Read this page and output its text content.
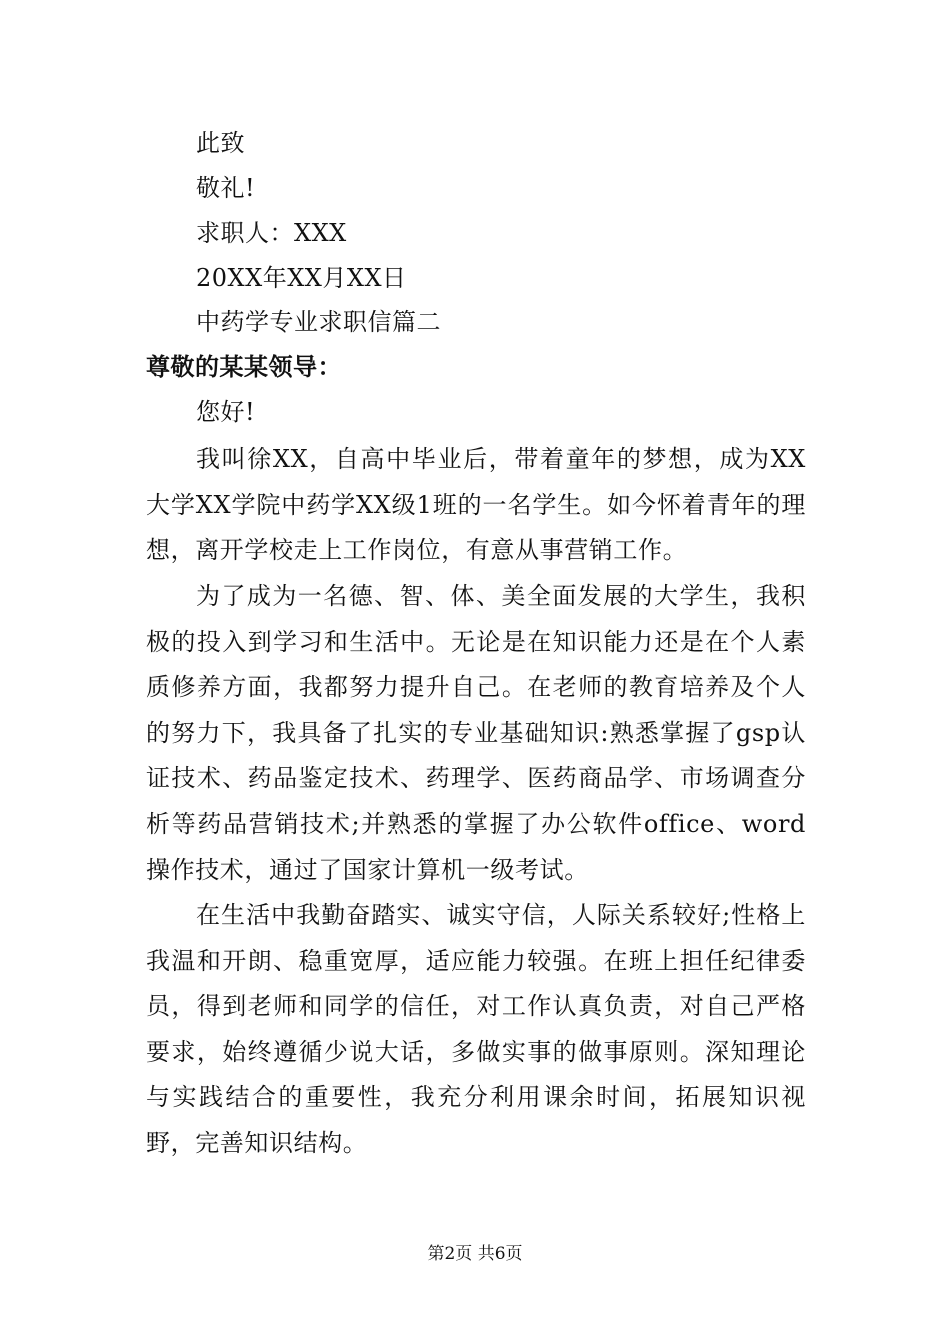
此致
敬礼!
求职人：XXX
20XX年XX月XX日
中药学专业求职信篇二
尊敬的某某领导：
您好!

我叫徐XX，自高中毕业后，带着童年的梦想，成为XX大学XX学院中药学XX级1班的一名学生。如今怀着青年的理想，离开学校走上工作岗位，有意从事营销工作。

为了成为一名德、智、体、美全面发展的大学生，我积极的投入到学习和生活中。无论是在知识能力还是在个人素质修养方面，我都努力提升自己。在老师的教育培养及个人的努力下，我具备了扎实的专业基础知识:熟悉掌握了gsp认证技术、药品鉴定技术、药理学、医药商品学、市场调查分析等药品营销技术;并熟悉的掌握了办公软件office、word操作技术，通过了国家计算机一级考试。

在生活中我勤奋踏实、诚实守信，人际关系较好;性格上我温和开朗、稳重宽厚，适应能力较强。在班上担任纪律委员，得到老师和同学的信任，对工作认真负责，对自己严格要求，始终遵循少说大话，多做实事的做事原则。深知理论与实践结合的重要性，我充分利用课余时间，拓展知识视野，完善知识结构。

第2页 共6页
